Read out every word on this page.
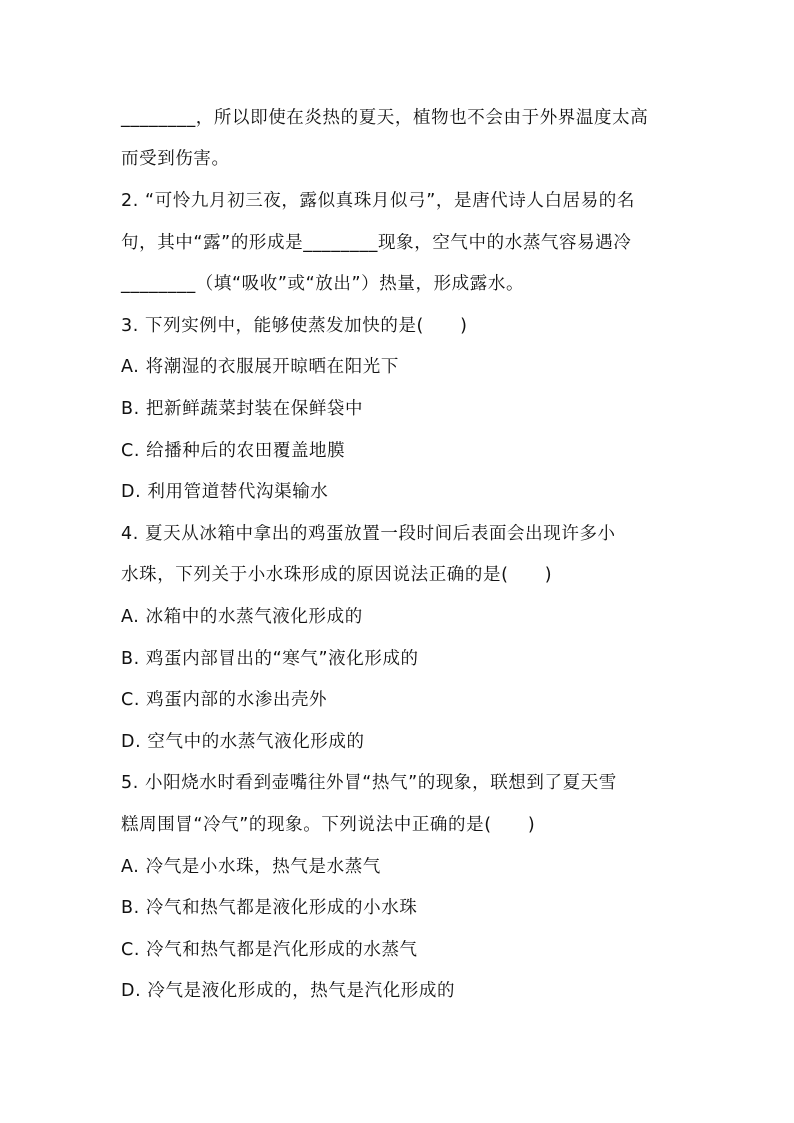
________，所以即使在炎热的夏天，植物也不会由于外界温度太高
而受到伤害。
2. “可怜九月初三夜，露似真珠月似弓”，是唐代诗人白居易的名
句，其中“露”的形成是________现象，空气中的水蒸气容易遇冷
________（填“吸收”或“放出”）热量，形成露水。
3. 下列实例中，能够使蒸发加快的是(　　)
A. 将潮湿的衣服展开晾晒在阳光下
B. 把新鲜蔬菜封装在保鲜袋中
C. 给播种后的农田覆盖地膜
D. 利用管道替代沟渠输水
4. 夏天从冰箱中拿出的鸡蛋放置一段时间后表面会出现许多小
水珠，下列关于小水珠形成的原因说法正确的是(　　)
A. 冰箱中的水蒸气液化形成的
B. 鸡蛋内部冒出的“寒气”液化形成的
C. 鸡蛋内部的水渗出壳外
D. 空气中的水蒸气液化形成的
5. 小阳烧水时看到壶嘴往外冒“热气”的现象，联想到了夏天雪
糕周围冒“冷气”的现象。下列说法中正确的是(　　)
A. 冷气是小水珠，热气是水蒸气
B. 冷气和热气都是液化形成的小水珠
C. 冷气和热气都是汽化形成的水蒸气
D. 冷气是液化形成的，热气是汽化形成的
